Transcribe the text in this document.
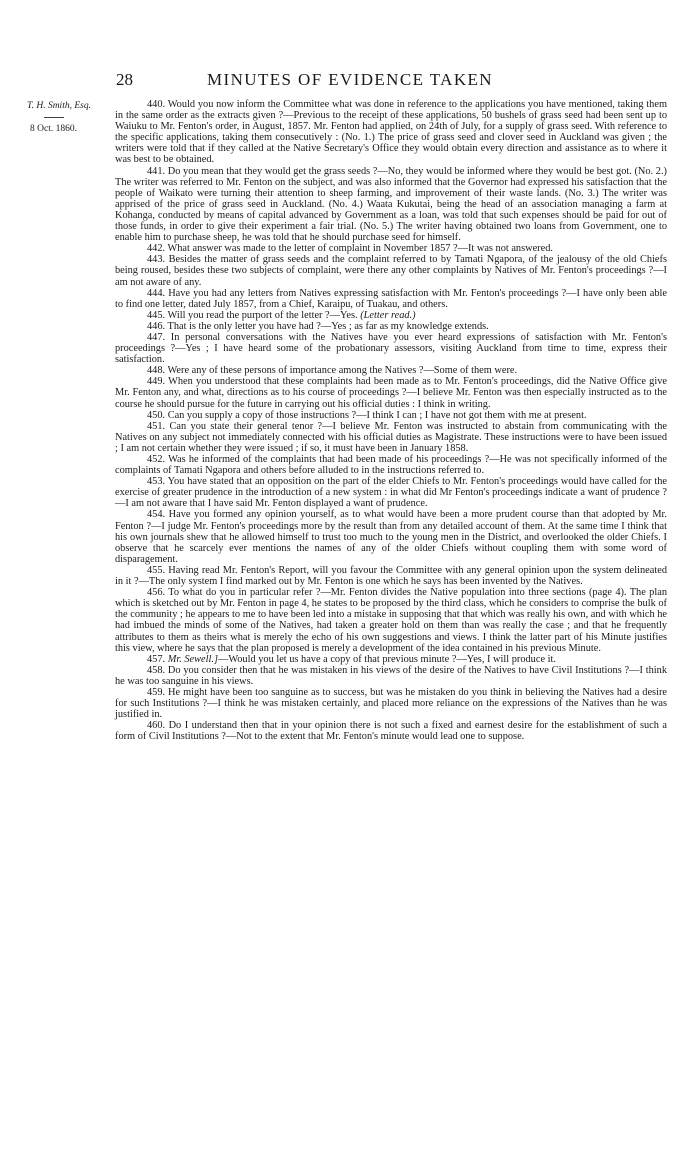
28	MINUTES OF EVIDENCE TAKEN
T. H. Smith, Esq.
8 Oct. 1860.

440. Would you now inform the Committee what was done in reference to the applications you have mentioned, taking them in the same order as the extracts given ?—Previous to the receipt of these applications, 50 bushels of grass seed had been sent up to Waiuku to Mr. Fenton's order, in August, 1857. Mr. Fenton had applied, on 24th of July, for a supply of grass seed. With reference to the specific applications, taking them consecutively : (No. 1.) The price of grass seed and clover seed in Auckland was given ; the writers were told that if they called at the Native Secretary's Office they would obtain every direction and assistance as to where it was best to be obtained.

441. Do you mean that they would get the grass seeds ?—No, they would be informed where they would be best got. (No. 2.) The writer was referred to Mr. Fenton on the subject, and was also informed that the Governor had expressed his satisfaction that the people of Waikato were turning their attention to sheep farming, and improvement of their waste lands. (No. 3.) The writer was apprised of the price of grass seed in Auckland. (No. 4.) Waata Kukutai, being the head of an association managing a farm at Kohanga, conducted by means of capital advanced by Government as a loan, was told that such expenses should be paid for out of those funds, in order to give their experiment a fair trial. (No. 5.) The writer having obtained two loans from Government, one to enable him to purchase sheep, he was told that he should purchase seed for himself.

442. What answer was made to the letter of complaint in November 1857 ?—It was not answered.

443. Besides the matter of grass seeds and the complaint referred to by Tamati Ngapora, of the jealousy of the old Chiefs being roused, besides these two subjects of complaint, were there any other complaints by Natives of Mr. Fenton's proceedings ?—I am not aware of any.

444. Have you had any letters from Natives expressing satisfaction with Mr. Fenton's proceedings ?—I have only been able to find one letter, dated July 1857, from a Chief, Karaipu, of Tuakau, and others.

445. Will you read the purport of the letter ?—Yes. (Letter read.)

446. That is the only letter you have had ?—Yes ; as far as my knowledge extends.

447. In personal conversations with the Natives have you ever heard expressions of satisfaction with Mr. Fenton's proceedings ?—Yes ; I have heard some of the probationary assessors, visiting Auckland from time to time, express their satisfaction.

448. Were any of these persons of importance among the Natives ?—Some of them were.

449. When you understood that these complaints had been made as to Mr. Fenton's proceedings, did the Native Office give Mr. Fenton any, and what, directions as to his course of proceedings ?—I believe Mr. Fenton was then especially instructed as to the course he should pursue for the future in carrying out his official duties : I think in writing.

450. Can you supply a copy of those instructions ?—I think I can ; I have not got them with me at present.

451. Can you state their general tenor ?—I believe Mr. Fenton was instructed to abstain from communicating with the Natives on any subject not immediately connected with his official duties as Magistrate. These instructions were to have been issued ; I am not certain whether they were issued ; if so, it must have been in January 1858.

452. Was he informed of the complaints that had been made of his proceedings ?—He was not specifically informed of the complaints of Tamati Ngapora and others before alluded to in the instructions referred to.

453. You have stated that an opposition on the part of the elder Chiefs to Mr. Fenton's proceedings would have called for the exercise of greater prudence in the introduction of a new system : in what did Mr Fenton's proceedings indicate a want of prudence ?—I am not aware that I have said Mr. Fenton displayed a want of prudence.

454. Have you formed any opinion yourself, as to what would have been a more prudent course than that adopted by Mr. Fenton ?—I judge Mr. Fenton's proceedings more by the result than from any detailed account of them. At the same time I think that his own journals shew that he allowed himself to trust too much to the young men in the District, and overlooked the older Chiefs. I observe that he scarcely ever mentions the names of any of the older Chiefs without coupling them with some word of disparagement.

455. Having read Mr. Fenton's Report, will you favour the Committee with any general opinion upon the system delineated in it ?—The only system I find marked out by Mr. Fenton is one which he says has been invented by the Natives.

456. To what do you in particular refer ?—Mr. Fenton divides the Native population into three sections (page 4). The plan which is sketched out by Mr. Fenton in page 4, he states to be proposed by the third class, which he considers to comprise the bulk of the community ; he appears to me to have been led into a mistake in supposing that that which was really his own, and with which he had imbued the minds of some of the Natives, had taken a greater hold on them than was really the case ; and that he frequently attributes to them as theirs what is merely the echo of his own suggestions and views. I think the latter part of his Minute justifies this view, where he says that the plan proposed is merely a development of the idea contained in his previous Minute.

457. Mr. Sewell.]—Would you let us have a copy of that previous minute ?—Yes, I will produce it.

458. Do you consider then that he was mistaken in his views of the desire of the Natives to have Civil Institutions ?—I think he was too sanguine in his views.

459. He might have been too sanguine as to success, but was he mistaken do you think in believing the Natives had a desire for such Institutions ?—I think he was mistaken certainly, and placed more reliance on the expressions of the Natives than he was justified in.

460. Do I understand then that in your opinion there is not such a fixed and earnest desire for the establishment of such a form of Civil Institutions ?—Not to the extent that Mr. Fenton's minute would lead one to suppose.
